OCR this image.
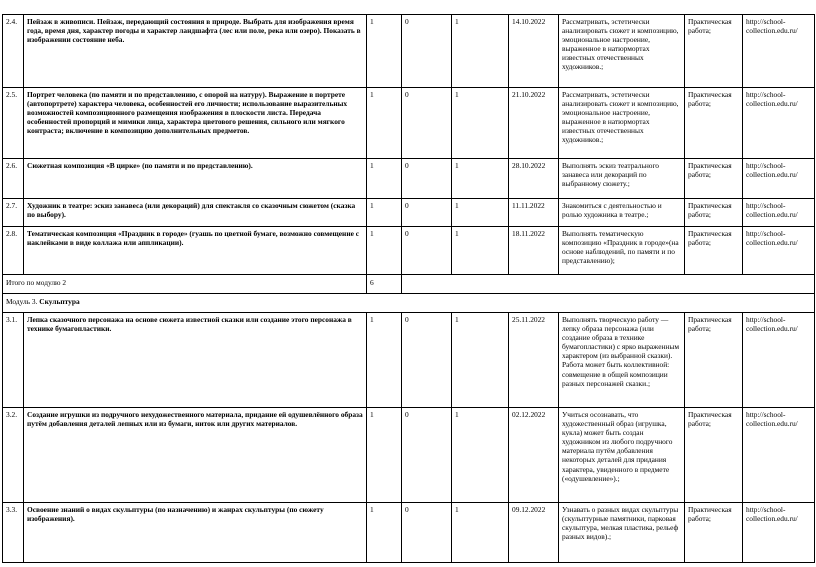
2.4.	Пейзаж в живописи. Пейзаж, передающий состояния в природе. Выбрать для изображения время года, время дня, характер погоды и характер ландшафта (лес или поле, река или озеро). Показать в изображении состояние неба.	1	0	1	14.10.2022	Рассматривать, эстетически анализировать сюжет и композицию, эмоциональное настроение, выраженное в натюрмортах известных отечественных художников.;	Практическая работа;	http://school-collection.edu.ru/
2.5.	Портрет человека (по памяти и по представлению, с опорой на натуру). Выражение в портрете (автопортрете) характера человека, особенностей его личности; использование выразительных возможностей композиционного размещения изображения в плоскости листа. Передача особенностей пропорций и мимики лица, характера цветового решения, сильного или мягкого контраста; включение в композицию дополнительных предметов.	1	0	1	21.10.2022	Рассматривать, эстетически анализировать сюжет и композицию, эмоциональное настроение, выраженное в натюрмортах известных отечественных художников.;	Практическая работа;	http://school-collection.edu.ru/
2.6.	Сюжетная композиция «В цирке» (по памяти и по представлению).	1	0	1	28.10.2022	Выполнять эскиз театрального занавеса или декораций по выбранному сюжету.;	Практическая работа;	http://school-collection.edu.ru/
2.7.	Художник в театре: эскиз занавеса (или декораций) для спектакля со сказочным сюжетом (сказка по выбору).	1	0	1	11.11.2022	Знакомиться с деятельностью и ролью художника в театре.;	Практическая работа;	http://school-collection.edu.ru/
2.8.	Тематическая композиция «Праздник в городе» (гуашь по цветной бумаге, возможно совмещение с наклейками в виде коллажа или аппликации).	1	0	1	18.11.2022	Выполнять тематическую композицию «Праздник в городе»(на основе наблюдений, по памяти и по представлению);	Практическая работа;	http://school-collection.edu.ru/
Итого по модулю 2		6						
Модуль 3. Скульптура								
3.1.	Лепка сказочного персонажа на основе сюжета известной сказки или создание этого персонажа в технике бумагопластики.	1	0	1	25.11.2022	Выполнять творческую работу — лепку образа персонажа (или создание образа в технике бумагопластики) с ярко выраженным характером (из выбранной сказки). Работа может быть коллективной: совмещение в общей композиции разных персонажей сказки.;	Практическая работа;	http://school-collection.edu.ru/
3.2.	Создание игрушки из подручного нехудожественного материала, придание ей одушевлённого образа путём добавления деталей лепных или из бумаги, ниток или других материалов.	1	0	1	02.12.2022	Учиться осознавать, что художественный образ (игрушка, кукла) может быть создан художником из любого подручного материала путём добавления некоторых деталей для придания характера, увиденного в предмете («одушевление»).;	Практическая работа;	http://school-collection.edu.ru/
3.3.	Освоение знаний о видах скульптуры (по назначению) и жанрах скульптуры (по сюжету изображения).	1	0	1	09.12.2022	Узнавать о разных видах скульптуры (скульптурные памятники, парковая скульптура, мелкая пластика, рельеф разных видов).;	Практическая работа;	http://school-collection.edu.ru/
